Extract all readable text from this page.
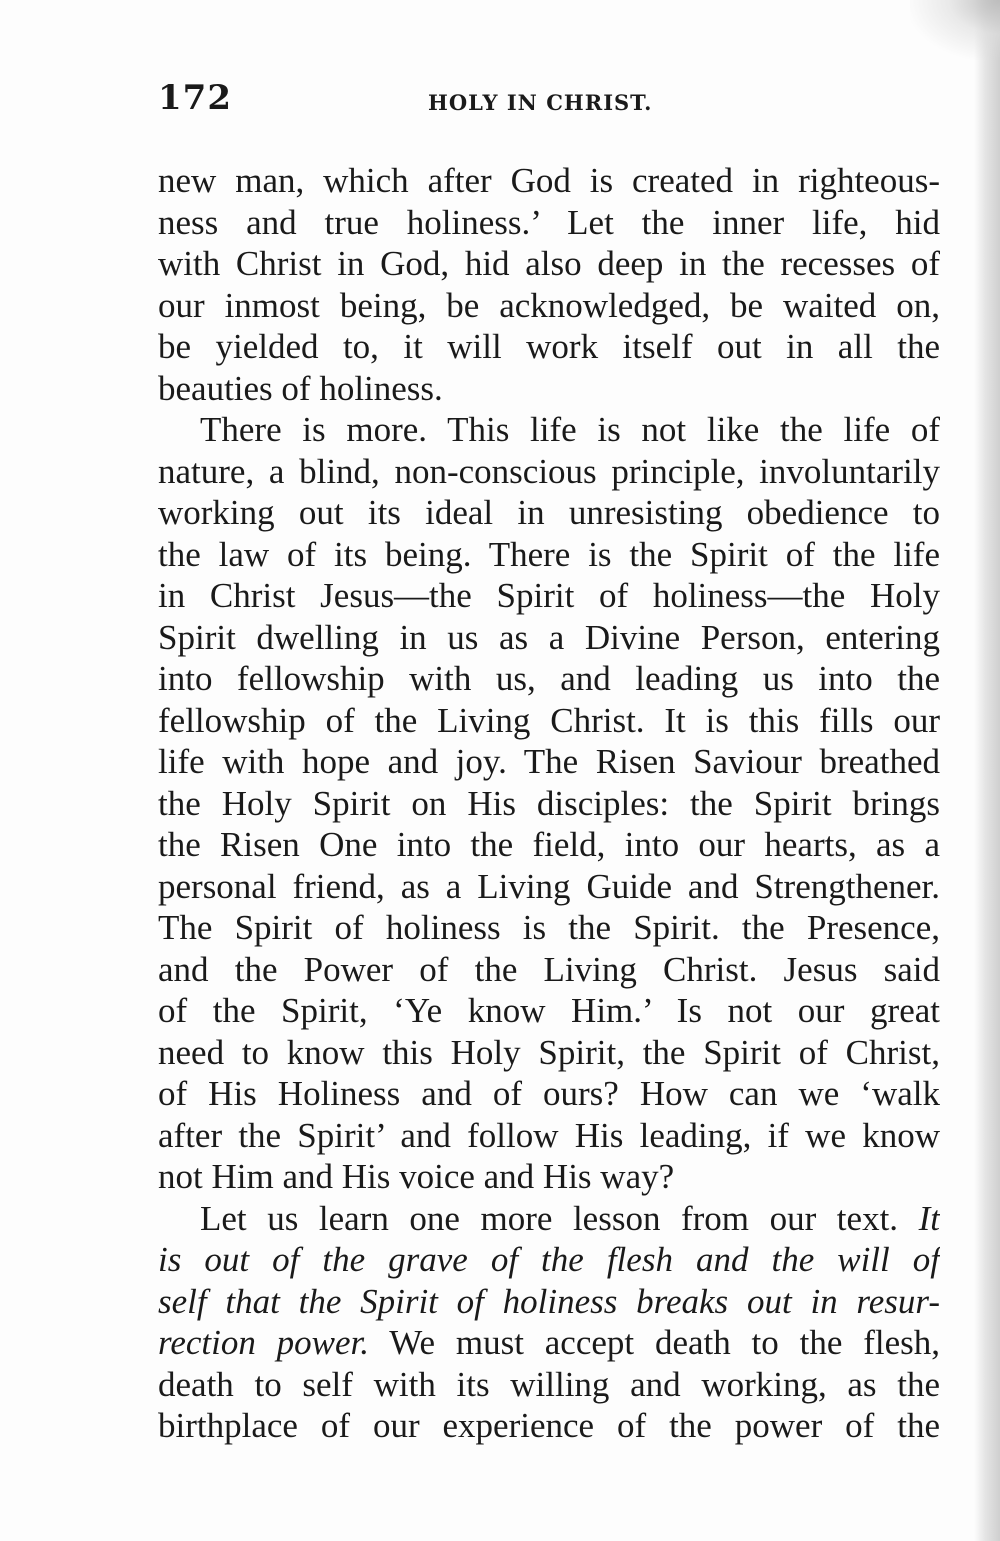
172	HOLY IN CHRIST.
new man, which after God is created in righteous-
ness and true holiness.’ Let the inner life, hid
with Christ in God, hid also deep in the recesses of
our inmost being, be acknowledged, be waited on,
be yielded to, it will work itself out in all the
beauties of holiness.
There is more. This life is not like the life of
nature, a blind, non-conscious principle, involuntarily
working out its ideal in unresisting obedience to
the law of its being. There is the Spirit of the life
in Christ Jesus—the Spirit of holiness—the Holy
Spirit dwelling in us as a Divine Person, entering
into fellowship with us, and leading us into the
fellowship of the Living Christ. It is this fills our
life with hope and joy. The Risen Saviour breathed
the Holy Spirit on His disciples: the Spirit brings
the Risen One into the field, into our hearts, as a
personal friend, as a Living Guide and Strengthener.
The Spirit of holiness is the Spirit. the Presence,
and the Power of the Living Christ. Jesus said
of the Spirit, ‘Ye know Him.’ Is not our great
need to know this Holy Spirit, the Spirit of Christ,
of His Holiness and of ours? How can we ‘walk
after the Spirit’ and follow His leading, if we know
not Him and His voice and His way?
Let us learn one more lesson from our text. It
is out of the grave of the flesh and the will of
self that the Spirit of holiness breaks out in resur-
rection power. We must accept death to the flesh,
death to self with its willing and working, as the
birthplace of our experience of the power of the
